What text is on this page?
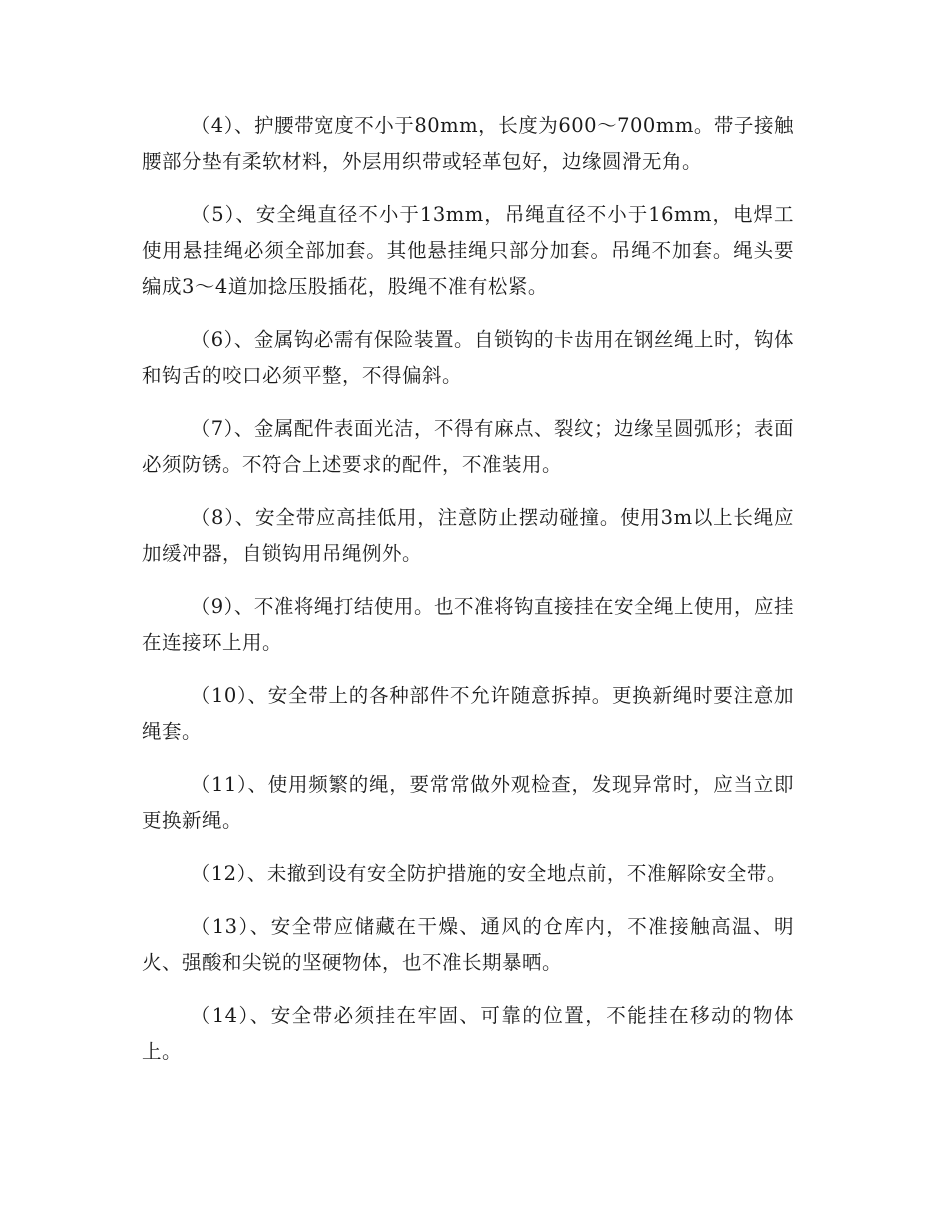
（4）、护腰带宽度不小于80mm，长度为600～700mm。带子接触腰部分垫有柔软材料，外层用织带或轻革包好，边缘圆滑无角。

（5）、安全绳直径不小于13mm，吊绳直径不小于16mm，电焊工使用悬挂绳必须全部加套。其他悬挂绳只部分加套。吊绳不加套。绳头要编成3～4道加捻压股插花，股绳不准有松紧。

（6）、金属钩必需有保险装置。自锁钩的卡齿用在钢丝绳上时，钩体和钩舌的咬口必须平整，不得偏斜。

（7）、金属配件表面光洁，不得有麻点、裂纹；边缘呈圆弧形；表面必须防锈。不符合上述要求的配件，不准装用。

（8）、安全带应高挂低用，注意防止摆动碰撞。使用3m以上长绳应加缓冲器，自锁钩用吊绳例外。

（9）、不准将绳打结使用。也不准将钩直接挂在安全绳上使用，应挂在连接环上用。

（10）、安全带上的各种部件不允许随意拆掉。更换新绳时要注意加绳套。

（11）、使用频繁的绳，要常常做外观检查，发现异常时，应当立即更换新绳。

（12）、未撤到设有安全防护措施的安全地点前，不准解除安全带。

（13）、安全带应储藏在干燥、通风的仓库内，不准接触高温、明火、强酸和尖锐的坚硬物体，也不准长期暴晒。

（14）、安全带必须挂在牢固、可靠的位置，不能挂在移动的物体上。
